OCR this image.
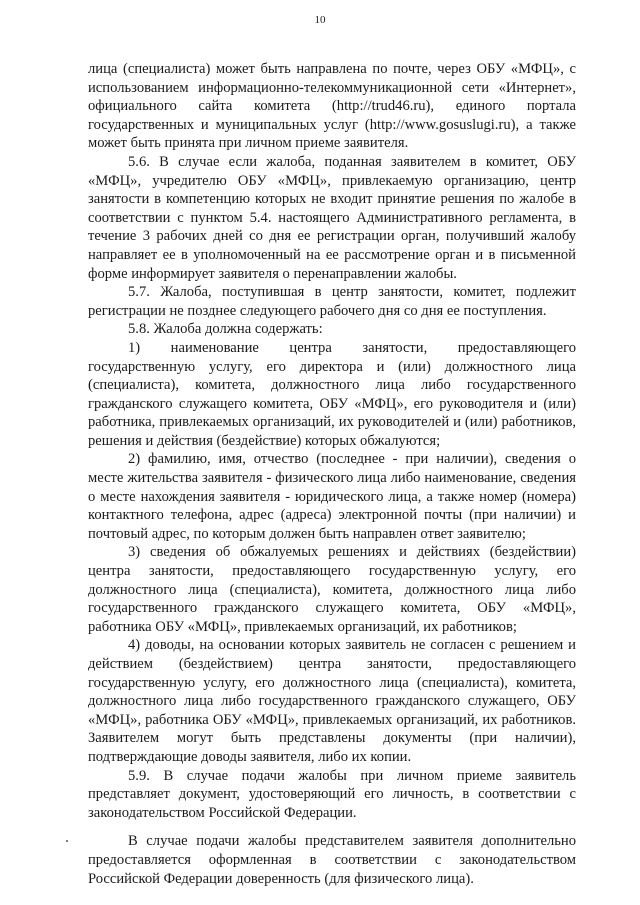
10

лица (специалиста) может быть направлена по почте, через ОБУ «МФЦ», с использованием информационно-телекоммуникационной сети «Интернет», официального сайта комитета (http://trud46.ru), единого портала государственных и муниципальных услуг (http://www.gosuslugi.ru), а также может быть принята при личном приеме заявителя.

5.6. В случае если жалоба, поданная заявителем в комитет, ОБУ «МФЦ», учредителю ОБУ «МФЦ», привлекаемую организацию, центр занятости в компетенцию которых не входит принятие решения по жалобе в соответствии с пунктом 5.4. настоящего Административного регламента, в течение 3 рабочих дней со дня ее регистрации орган, получивший жалобу направляет ее в уполномоченный на ее рассмотрение орган и в письменной форме информирует заявителя о перенаправлении жалобы.

5.7. Жалоба, поступившая в центр занятости, комитет, подлежит регистрации не позднее следующего рабочего дня со дня ее поступления.

5.8. Жалоба должна содержать:

1) наименование центра занятости, предоставляющего государственную услугу, его директора и (или) должностного лица (специалиста), комитета, должностного лица либо государственного гражданского служащего комитета, ОБУ «МФЦ», его руководителя и (или) работника, привлекаемых организаций, их руководителей и (или) работников, решения и действия (бездействие) которых обжалуются;

2) фамилию, имя, отчество (последнее - при наличии), сведения о месте жительства заявителя - физического лица либо наименование, сведения о месте нахождения заявителя - юридического лица, а также номер (номера) контактного телефона, адрес (адреса) электронной почты (при наличии) и почтовый адрес, по которым должен быть направлен ответ заявителю;

3) сведения об обжалуемых решениях и действиях (бездействии) центра занятости, предоставляющего государственную услугу, его должностного лица (специалиста), комитета, должностного лица либо государственного гражданского служащего комитета, ОБУ «МФЦ», работника ОБУ «МФЦ», привлекаемых организаций, их работников;

4) доводы, на основании которых заявитель не согласен с решением и действием (бездействием) центра занятости, предоставляющего государственную услугу, его должностного лица (специалиста), комитета, должностного лица либо государственного гражданского служащего, ОБУ «МФЦ», работника ОБУ «МФЦ», привлекаемых организаций, их работников. Заявителем могут быть представлены документы (при наличии), подтверждающие доводы заявителя, либо их копии.

5.9. В случае подачи жалобы при личном приеме заявитель представляет документ, удостоверяющий его личность, в соответствии с законодательством Российской Федерации.

В случае подачи жалобы представителем заявителя дополнительно предоставляется оформленная в соответствии с законодательством Российской Федерации доверенность (для физического лица).
